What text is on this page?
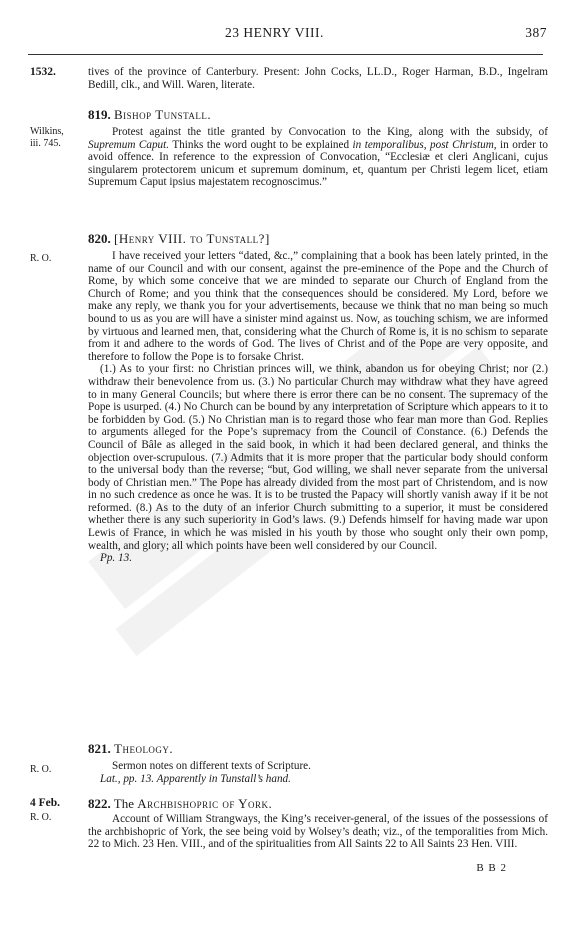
23 HENRY VIII.	387
1532.	tives of the province of Canterbury. Present: John Cocks, LL.D., Roger Harman, B.D., Ingelram Bedill, clk., and Will. Waren, literate.

Wilkins, iii. 745.
819. Bishop Tunstall.

Protest against the title granted by Convocation to the King, along with the subsidy, of Supremum Caput. Thinks the word ought to be explained in temporalibus, post Christum, in order to avoid offence. In reference to the expression of Convocation, “Ecclesiæ et cleri Anglicani, cujus singularem protectorem unicum et supremum dominum, et, quantum per Christi legem licet, etiam Supremum Caput ipsius majestatem recognoscimus.”

R. O.
820. [Henry VIII. to Tunstall?]

I have received your letters “dated, &c.,” complaining that a book has been lately printed, in the name of our Council and with our consent, against the pre-eminence of the Pope and the Church of Rome, by which some conceive that we are minded to separate our Church of England from the Church of Rome; and you think that the consequences should be considered. My Lord, before we make any reply, we thank you for your advertisements, because we think that no man being so much bound to us as you are will have a sinister mind against us. Now, as touching schism, we are informed by virtuous and learned men, that, considering what the Church of Rome is, it is no schism to separate from it and adhere to the words of God. The lives of Christ and of the Pope are very opposite, and therefore to follow the Pope is to forsake Christ.

(1.) As to your first: no Christian princes will, we think, abandon us for obeying Christ; nor (2.) withdraw their benevolence from us. (3.) No particular Church may withdraw what they have agreed to in many General Councils; but where there is error there can be no consent. The supremacy of the Pope is usurped. (4.) No Church can be bound by any interpretation of Scripture which appears to it to be forbidden by God. (5.) No Christian man is to regard those who fear man more than God. Replies to arguments alleged for the Pope’s supremacy from the Council of Constance. (6.) Defends the Council of Bâle as alleged in the said book, in which it had been declared general, and thinks the objection over-scrupulous. (7.) Admits that it is more proper that the particular body should conform to the universal body than the reverse; “but, God willing, we shall never separate from the universal body of Christian men.” The Pope has already divided from the most part of Christendom, and is now in no such credence as once he was. It is to be trusted the Papacy will shortly vanish away if it be not reformed. (8.) As to the duty of an inferior Church submitting to a superior, it must be considered whether there is any such superiority in God’s laws. (9.) Defends himself for having made war upon Lewis of France, in which he was misled in his youth by those who sought only their own pomp, wealth, and glory; all which points have been well considered by our Council.

Pp. 13.

R. O.
821. Theology.

Sermon notes on different texts of Scripture.

Lat., pp. 13. Apparently in Tunstall’s hand.

4 Feb.
R. O.
822. The Archbishopric of York.

Account of William Strangways, the King’s receiver-general, of the issues of the possessions of the archbishopric of York, the see being void by Wolsey’s death; viz., of the temporalities from Mich. 22 to Mich. 23 Hen. VIII., and of the spiritualities from All Saints 22 to All Saints 23 Hen. VIII.

B B 2
